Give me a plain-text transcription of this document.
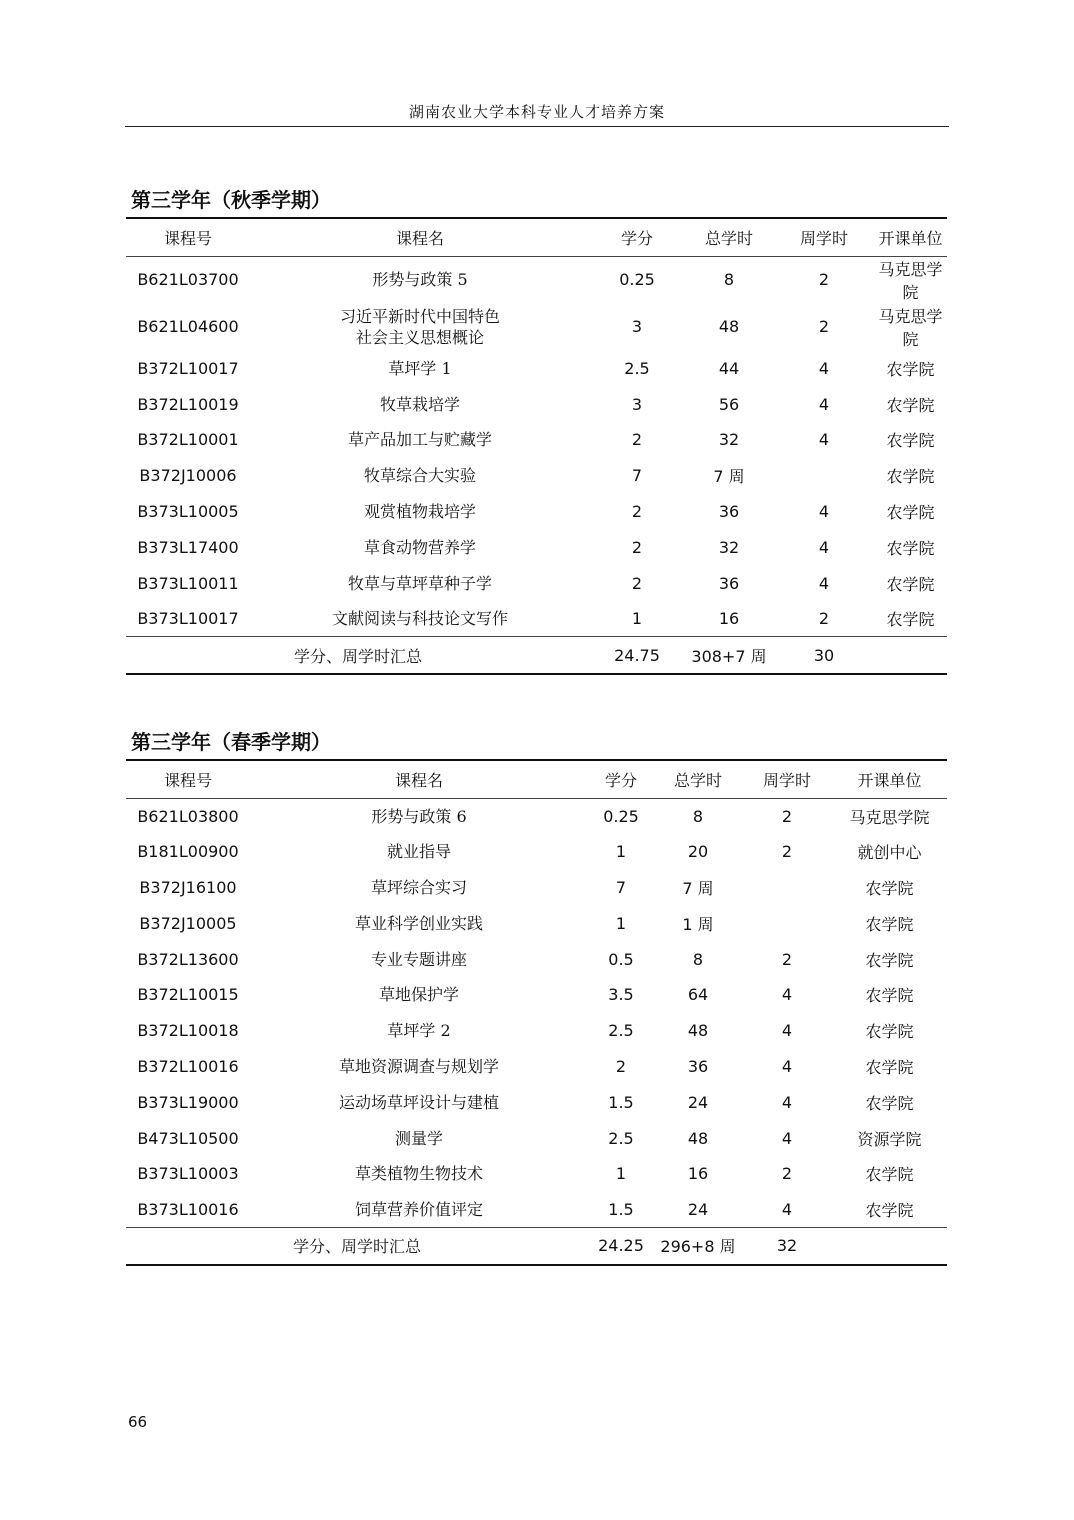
湖南农业大学本科专业人才培养方案
第三学年（秋季学期）
课程号	课程名	学分	总学时	周学时	开课单位
B621L03700	形势与政策 5	0.25	8	2	马克思学院
B621L04600	习近平新时代中国特色
社会主义思想概论	3	48	2	马克思学院
B372L10017	草坪学 1	2.5	44	4	农学院
B372L10019	牧草栽培学	3	56	4	农学院
B372L10001	草产品加工与贮藏学	2	32	4	农学院
B372J10006	牧草综合大实验	7	7 周		农学院
B373L10005	观赏植物栽培学	2	36	4	农学院
B373L17400	草食动物营养学	2	32	4	农学院
B373L10011	牧草与草坪草种子学	2	36	4	农学院
B373L10017	文献阅读与科技论文写作	1	16	2	农学院
学分、周学时汇总		24.75	308+7 周	30	
第三学年（春季学期）
课程号	课程名	学分	总学时	周学时	开课单位
B621L03800	形势与政策 6	0.25	8	2	马克思学院
B181L00900	就业指导	1	20	2	就创中心
B372J16100	草坪综合实习	7	7 周		农学院
B372J10005	草业科学创业实践	1	1 周		农学院
B372L13600	专业专题讲座	0.5	8	2	农学院
B372L10015	草地保护学	3.5	64	4	农学院
B372L10018	草坪学 2	2.5	48	4	农学院
B372L10016	草地资源调查与规划学	2	36	4	农学院
B373L19000	运动场草坪设计与建植	1.5	24	4	农学院
B473L10500	测量学	2.5	48	4	资源学院
B373L10003	草类植物生物技术	1	16	2	农学院
B373L10016	饲草营养价值评定	1.5	24	4	农学院
学分、周学时汇总		24.25	296+8 周	32	
66
